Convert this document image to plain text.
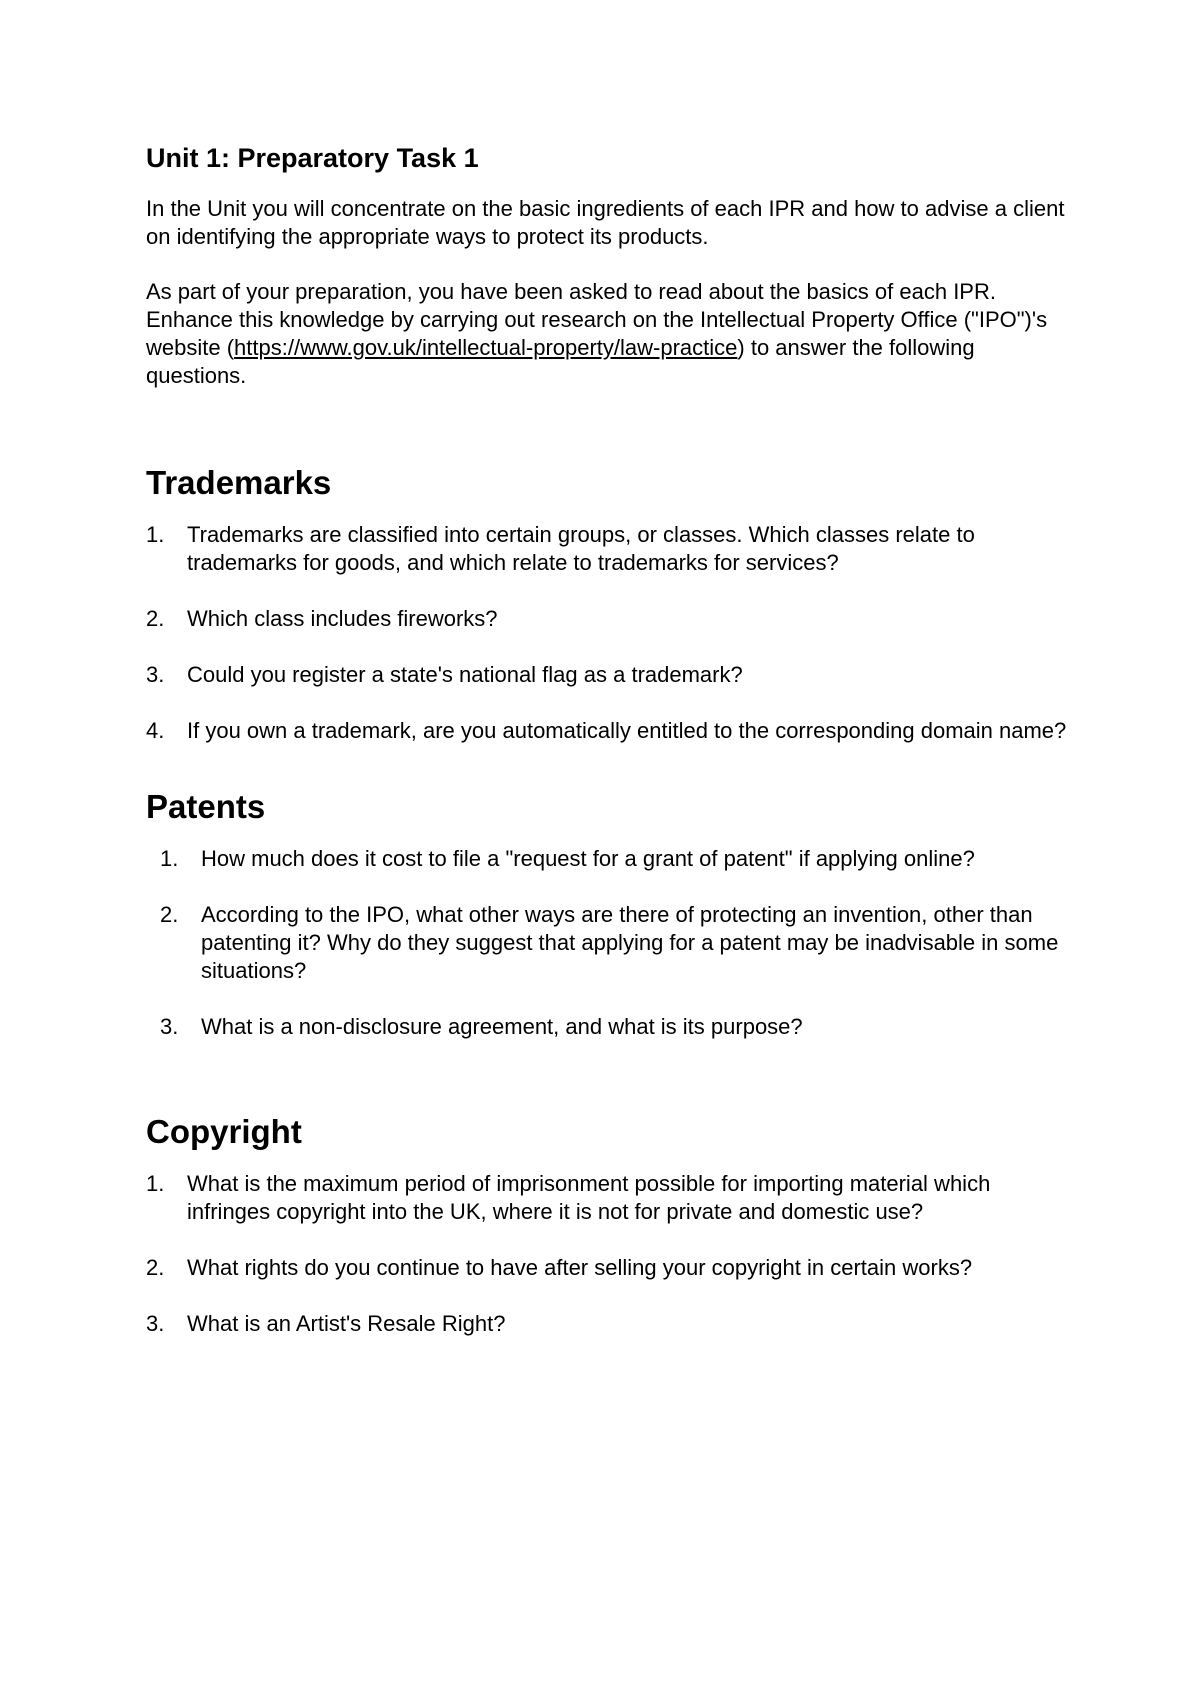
Unit 1: Preparatory Task 1

In the Unit you will concentrate on the basic ingredients of each IPR and how to advise a client on identifying the appropriate ways to protect its products.

As part of your preparation, you have been asked to read about the basics of each IPR. Enhance this knowledge by carrying out research on the Intellectual Property Office ("IPO")'s website (https://www.gov.uk/intellectual-property/law-practice) to answer the following questions.

Trademarks
1.	Trademarks are classified into certain groups, or classes. Which classes relate to trademarks for goods, and which relate to trademarks for services?
2.	Which class includes fireworks?
3.	Could you register a state's national flag as a trademark?
4.	If you own a trademark, are you automatically entitled to the corresponding domain name?
Patents
1.	How much does it cost to file a "request for a grant of patent" if applying online?
2.	According to the IPO, what other ways are there of protecting an invention, other than patenting it? Why do they suggest that applying for a patent may be inadvisable in some situations?
3.	What is a non-disclosure agreement, and what is its purpose?
Copyright
1.	What is the maximum period of imprisonment possible for importing material which infringes copyright into the UK, where it is not for private and domestic use?
2.	What rights do you continue to have after selling your copyright in certain works?
3.	What is an Artist's Resale Right?
